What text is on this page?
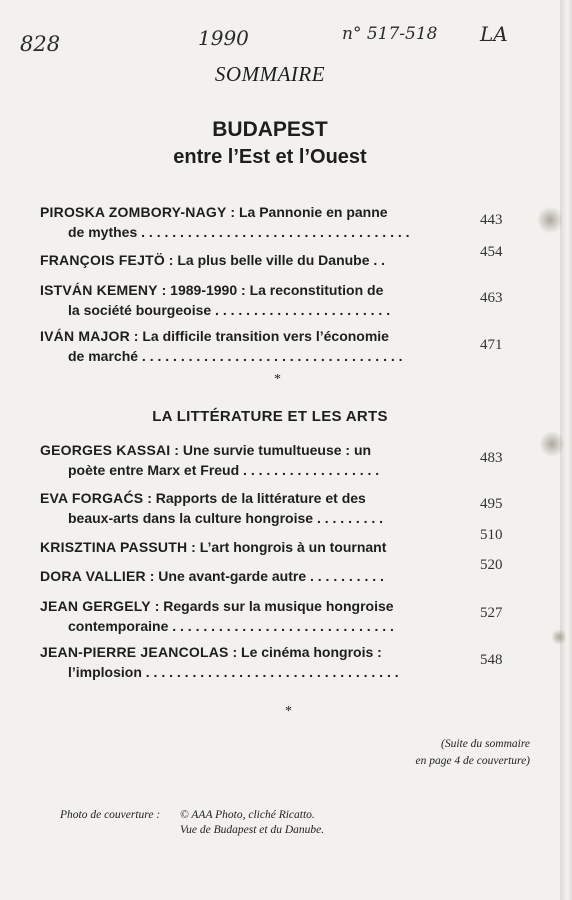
828	1990	n° 517-518 LA
SOMMAIRE
BUDAPEST
entre l’Est et l’Ouest
PIROSKA ZOMBORY-NAGY : La Pannonie en panne
de mythes . . . . . . . . . . . . . . . . . . . . . . . . . . . . . . . . . . .
443
FRANÇOIS FEJTÖ : La plus belle ville du Danube . .	454
ISTVÁN KEMENY : 1989-1990 : La reconstitution de
la société bourgeoise . . . . . . . . . . . . . . . . . . . . . . .
463
IVÁN MAJOR : La difficile transition vers l’économie
de marché . . . . . . . . . . . . . . . . . . . . . . . . . . . . . . . . . .
471
*
LA LITTÉRATURE ET LES ARTS
GEORGES KASSAI : Une survie tumultueuse : un
poète entre Marx et Freud . . . . . . . . . . . . . . . . . .
483
EVA FORGAĆS : Rapports de la littérature et des
beaux-arts dans la culture hongroise . . . . . . . . .
495
KRISZTINA PASSUTH : L’art hongrois à un tournant
510
DORA VALLIER : Une avant-garde autre . . . . . . . . . .
520
JEAN GERGELY : Regards sur la musique hongroise
contemporaine . . . . . . . . . . . . . . . . . . . . . . . . . . . . .
527
JEAN-PIERRE JEANCOLAS : Le cinéma hongrois :
l’implosion . . . . . . . . . . . . . . . . . . . . . . . . . . . . . . . . .
548
*
(Suite du sommaire
en page 4 de couverture)
Photo de couverture : © AAA Photo, cliché Ricatto.
Vue de Budapest et du Danube.
